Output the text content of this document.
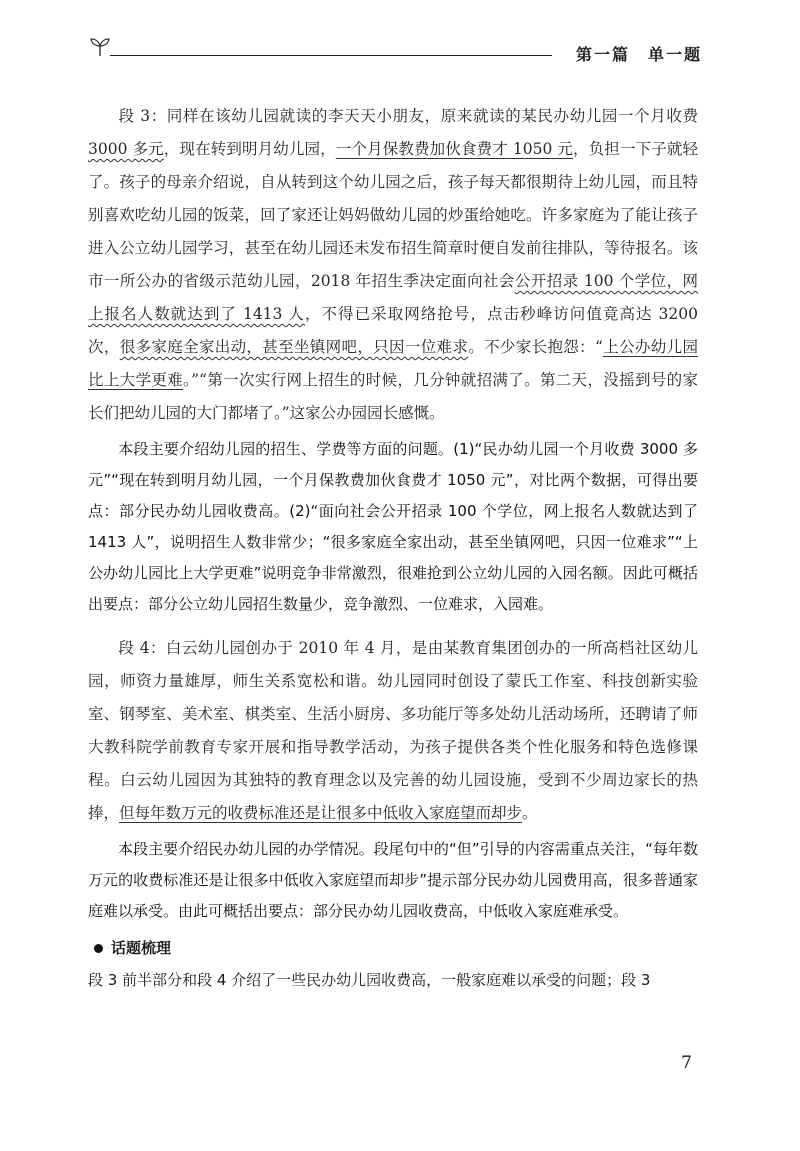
第一篇　单一题

段 3：同样在该幼儿园就读的李天天小朋友，原来就读的某民办幼儿园一个月收费3000 多元，现在转到明月幼儿园，一个月保教费加伙食费才 1050 元，负担一下子就轻了。孩子的母亲介绍说，自从转到这个幼儿园之后，孩子每天都很期待上幼儿园，而且特别喜欢吃幼儿园的饭菜，回了家还让妈妈做幼儿园的炒蛋给她吃。许多家庭为了能让孩子进入公立幼儿园学习，甚至在幼儿园还未发布招生简章时便自发前往排队，等待报名。该市一所公办的省级示范幼儿园，2018 年招生季决定面向社会公开招录 100 个学位，网上报名人数就达到了 1413 人，不得已采取网络抢号，点击秒峰访问值竟高达 3200 次，很多家庭全家出动，甚至坐镇网吧，只因一位难求。不少家长抱怨：“上公办幼儿园比上大学更难。”“第一次实行网上招生的时候，几分钟就招满了。第二天，没摇到号的家长们把幼儿园的大门都堵了。”这家公办园园长感慨。

本段主要介绍幼儿园的招生、学费等方面的问题。(1)“民办幼儿园一个月收费 3000 多元”“现在转到明月幼儿园，一个月保教费加伙食费才 1050 元”，对比两个数据，可得出要点：部分民办幼儿园收费高。(2)“面向社会公开招录 100 个学位，网上报名人数就达到了 1413 人”，说明招生人数非常少；“很多家庭全家出动，甚至坐镇网吧，只因一位难求”“上公办幼儿园比上大学更难”说明竞争非常激烈，很难抢到公立幼儿园的入园名额。因此可概括出要点：部分公立幼儿园招生数量少，竞争激烈、一位难求，入园难。

段 4：白云幼儿园创办于 2010 年 4 月，是由某教育集团创办的一所高档社区幼儿园，师资力量雄厚，师生关系宽松和谐。幼儿园同时创设了蒙氏工作室、科技创新实验室、钢琴室、美术室、棋类室、生活小厨房、多功能厅等多处幼儿活动场所，还聘请了师大教科院学前教育专家开展和指导教学活动，为孩子提供各类个性化服务和特色选修课程。白云幼儿园因为其独特的教育理念以及完善的幼儿园设施，受到不少周边家长的热捧，但每年数万元的收费标准还是让很多中低收入家庭望而却步。

本段主要介绍民办幼儿园的办学情况。段尾句中的“但”引导的内容需重点关注，“每年数万元的收费标准还是让很多中低收入家庭望而却步”提示部分民办幼儿园费用高，很多普通家庭难以承受。由此可概括出要点：部分民办幼儿园收费高，中低收入家庭难承受。

话题梳理

段 3 前半部分和段 4 介绍了一些民办幼儿园收费高，一般家庭难以承受的问题；段 3

7
